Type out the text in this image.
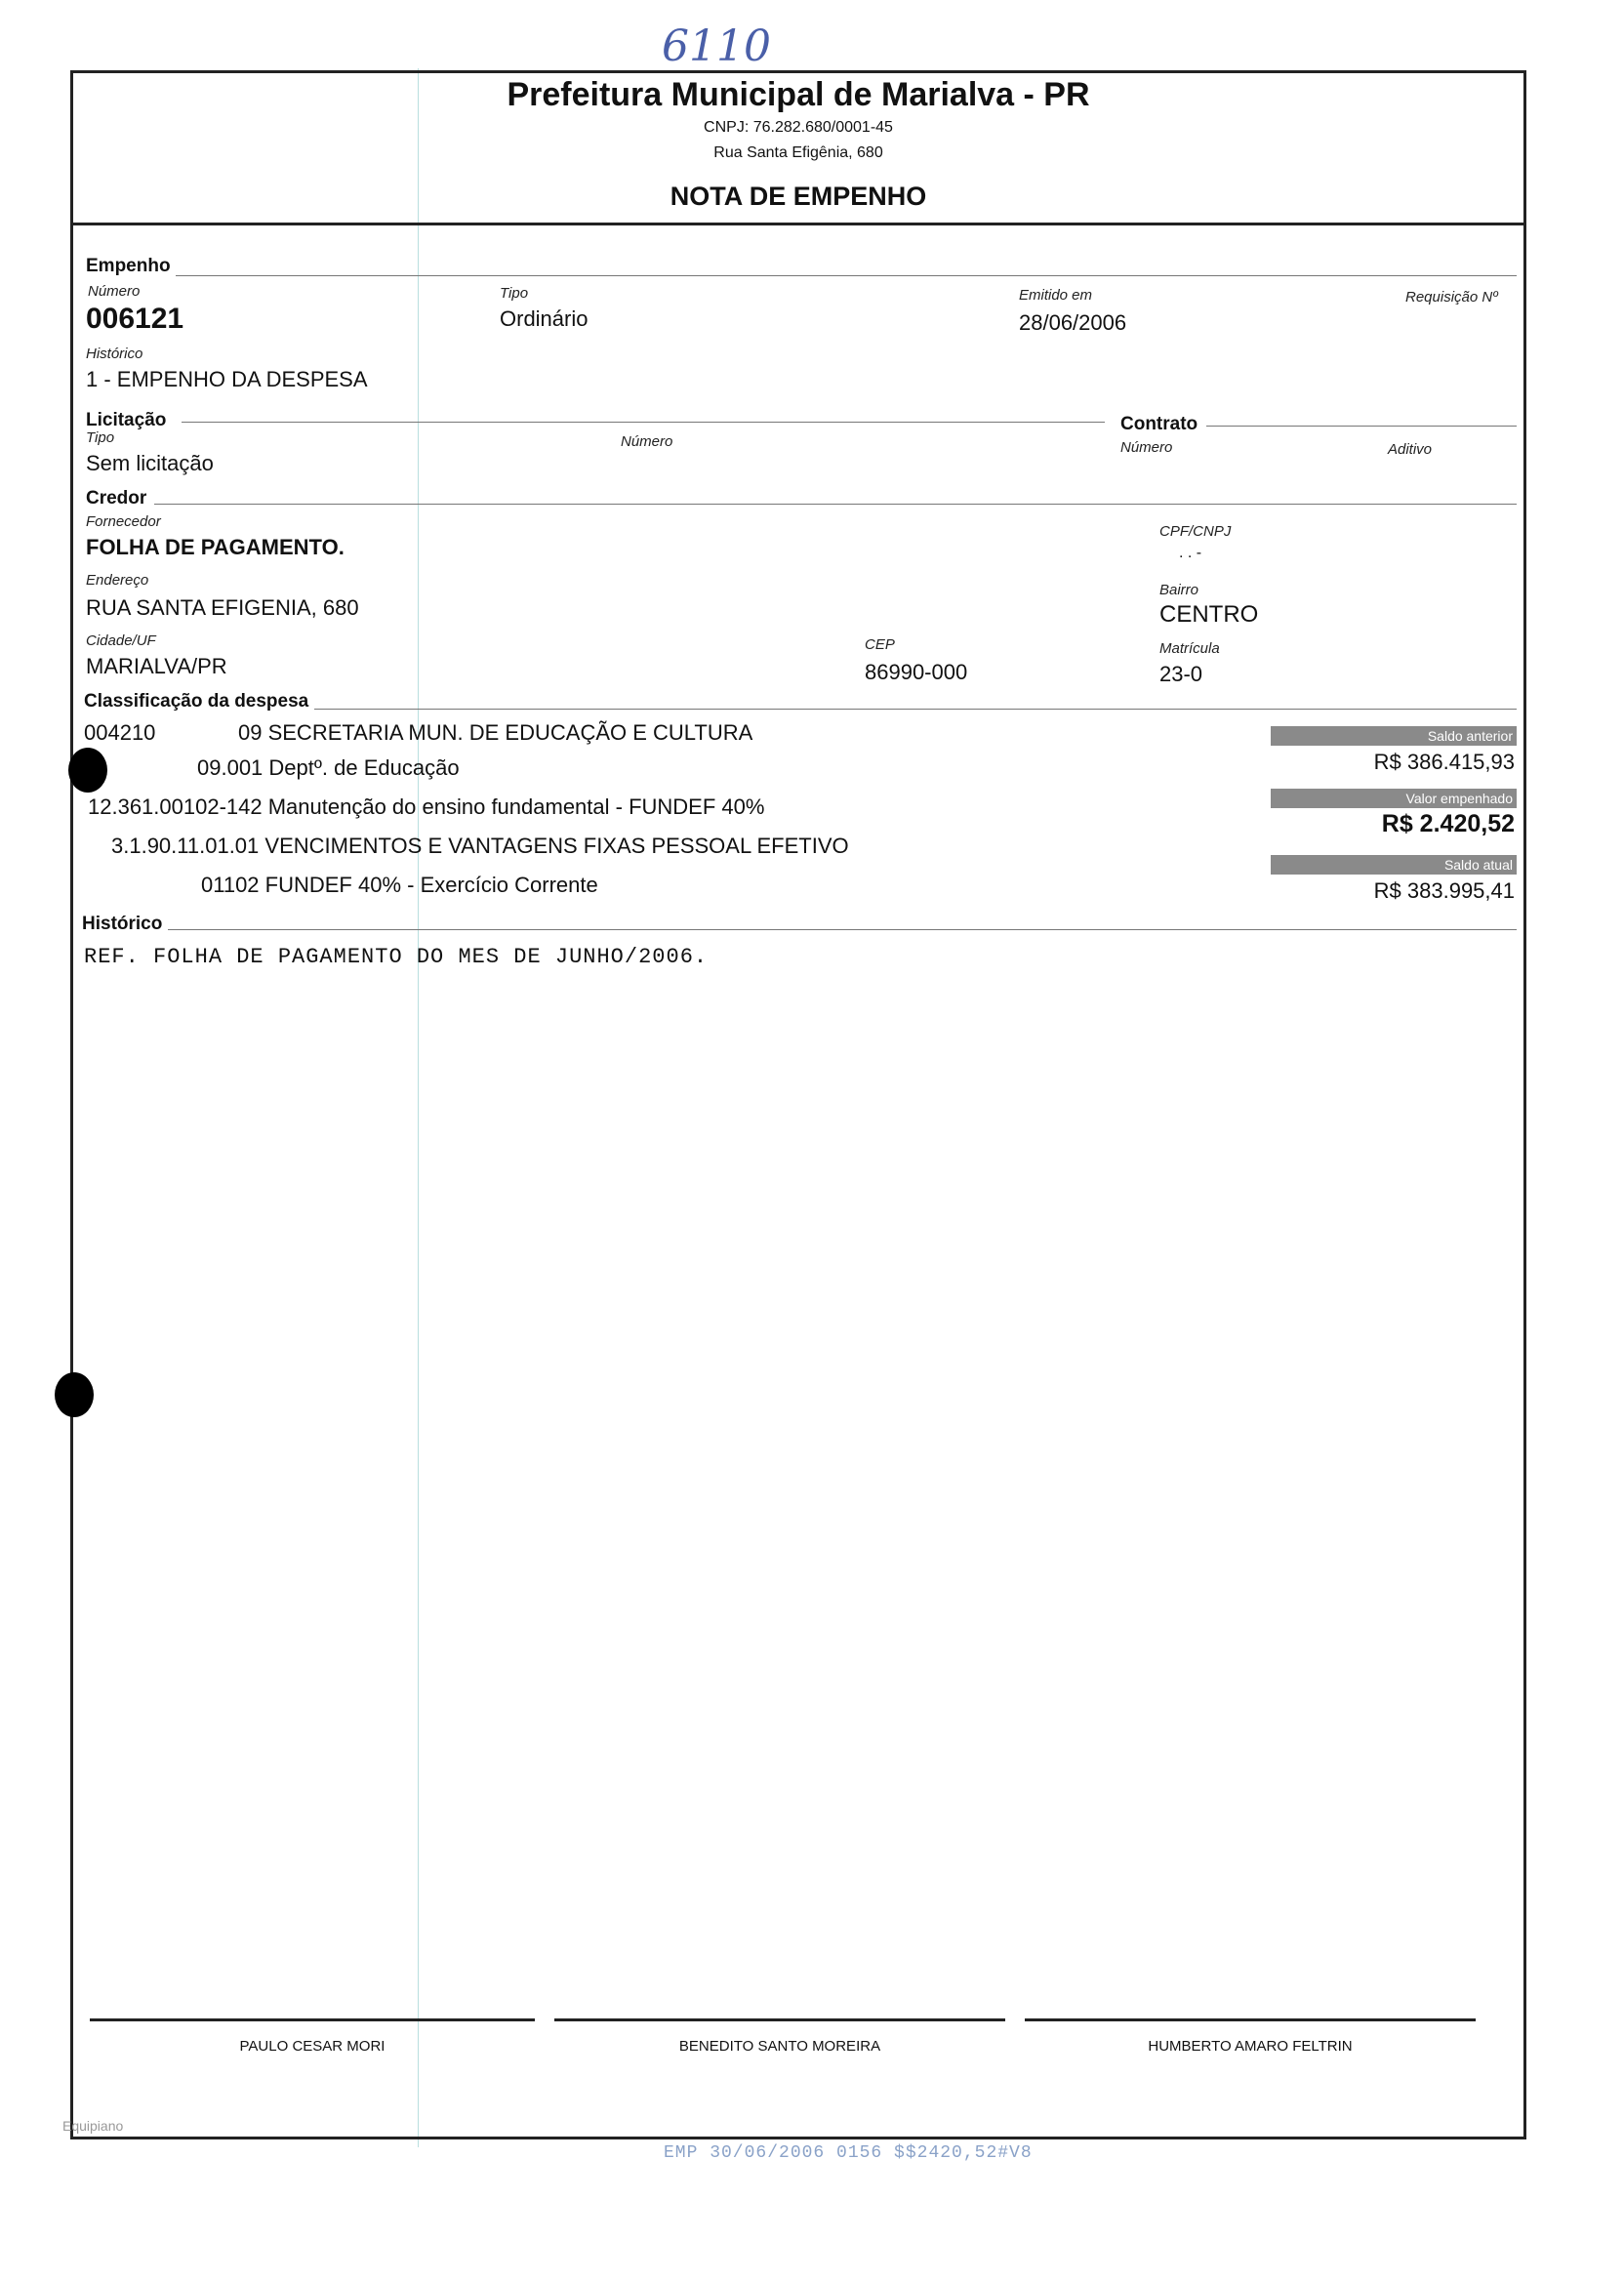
6110
Prefeitura Municipal de Marialva - PR
CNPJ: 76.282.680/0001-45
Rua Santa Efigênia, 680
NOTA DE EMPENHO
Empenho
Número
006121
Tipo
Ordinário
Emitido em
28/06/2006
Requisição Nº
Histórico
1 - EMPENHO DA DESPESA
Licitação
Tipo
Sem licitação
Número
Contrato
Número	Aditivo
Credor
Fornecedor
FOLHA DE PAGAMENTO.
CPF/CNPJ
. . -
Endereço
RUA SANTA EFIGENIA, 680
Bairro
CENTRO
Cidade/UF
MARIALVA/PR
CEP
86990-000
Matrícula
23-0
Classificação da despesa
004210	09 SECRETARIA MUN. DE EDUCAÇÃO E CULTURA
09.001 Deptº. de Educação
12.361.00102-142 Manutenção do ensino fundamental - FUNDEF 40%
3.1.90.11.01.01 VENCIMENTOS E VANTAGENS FIXAS PESSOAL EFETIVO
01102 FUNDEF 40% - Exercício Corrente
Saldo anterior
R$ 386.415,93
Valor empenhado
R$ 2.420,52
Saldo atual
R$ 383.995,41
Histórico
REF. FOLHA DE PAGAMENTO DO MES DE JUNHO/2006.
PAULO CESAR MORI	BENEDITO SANTO MOREIRA	HUMBERTO AMARO FELTRIN
Equipiano
EMP 30/06/2006 0156 $$2420,52#V8
